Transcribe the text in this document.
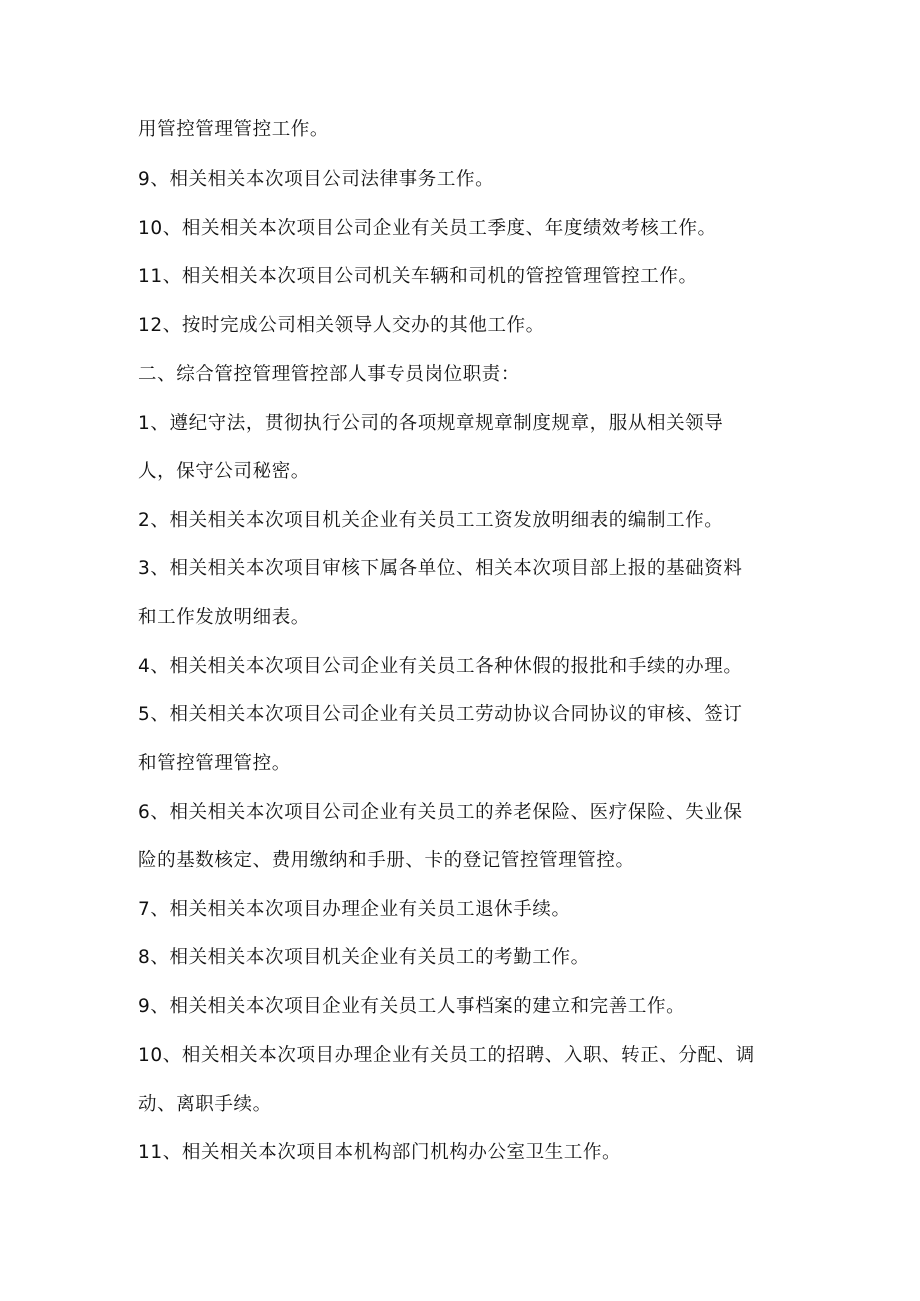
用管控管理管控工作。
9、相关相关本次项目公司法律事务工作。
10、相关相关本次项目公司企业有关员工季度、年度绩效考核工作。
11、相关相关本次项目公司机关车辆和司机的管控管理管控工作。
12、按时完成公司相关领导人交办的其他工作。
二、综合管控管理管控部人事专员岗位职责：
1、遵纪守法，贯彻执行公司的各项规章规章制度规章，服从相关领导
人，保守公司秘密。
2、相关相关本次项目机关企业有关员工工资发放明细表的编制工作。
3、相关相关本次项目审核下属各单位、相关本次项目部上报的基础资料
和工作发放明细表。
4、相关相关本次项目公司企业有关员工各种休假的报批和手续的办理。
5、相关相关本次项目公司企业有关员工劳动协议合同协议的审核、签订
和管控管理管控。
6、相关相关本次项目公司企业有关员工的养老保险、医疗保险、失业保
险的基数核定、费用缴纳和手册、卡的登记管控管理管控。
7、相关相关本次项目办理企业有关员工退休手续。
8、相关相关本次项目机关企业有关员工的考勤工作。
9、相关相关本次项目企业有关员工人事档案的建立和完善工作。
10、相关相关本次项目办理企业有关员工的招聘、入职、转正、分配、调
动、离职手续。
11、相关相关本次项目本机构部门机构办公室卫生工作。
